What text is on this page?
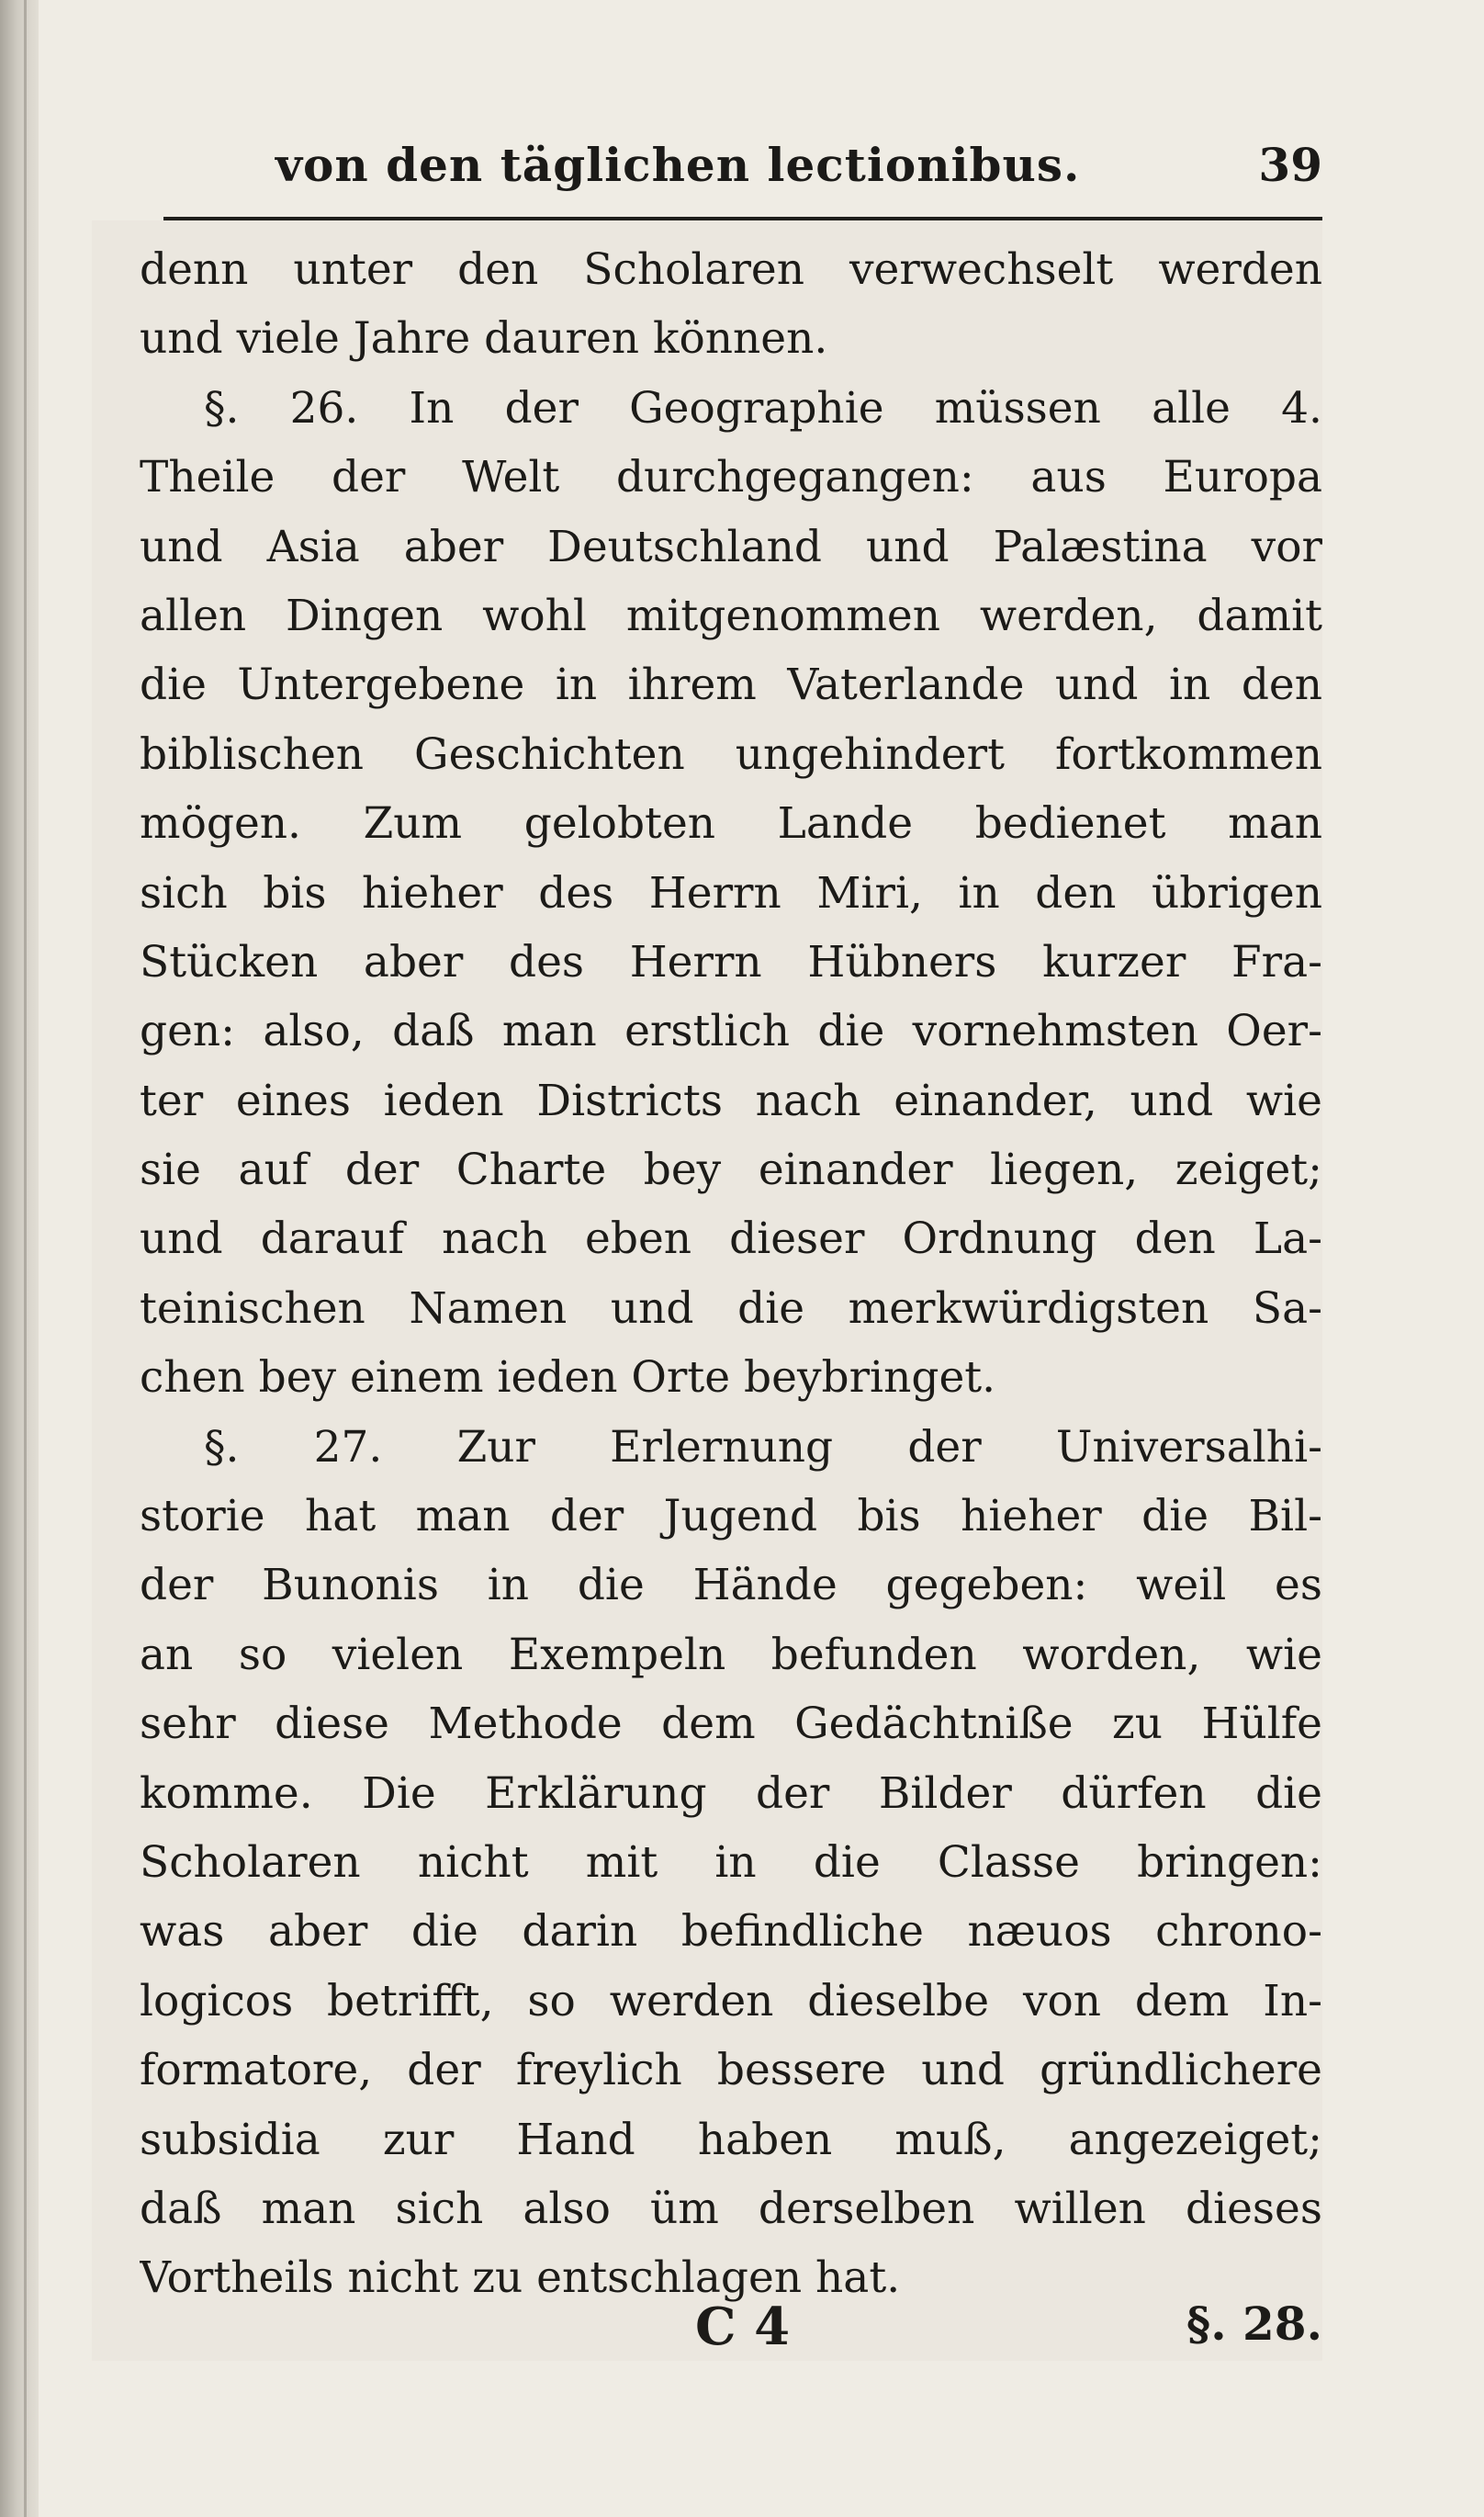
von den täglichen lectionibus.	39
denn unter den Scholaren verwechselt werden
und viele Jahre dauren können.
§. 26. In der Geographie müssen alle 4.
Theile der Welt durchgegangen: aus Europa
und Asia aber Deutschland und Palæstina vor
allen Dingen wohl mitgenommen werden, damit
die Untergebene in ihrem Vaterlande und in den
biblischen Geschichten ungehindert fortkommen
mögen. Zum gelobten Lande bedienet man
sich bis hieher des Herrn Miri, in den übrigen
Stücken aber des Herrn Hübners kurzer Fra-
gen: also, daß man erstlich die vornehmsten Oer-
ter eines ieden Districts nach einander, und wie
sie auf der Charte bey einander liegen, zeiget;
und darauf nach eben dieser Ordnung den La-
teinischen Namen und die merkwürdigsten Sa-
chen bey einem ieden Orte beybringet.
§. 27. Zur Erlernung der Universalhi-
storie hat man der Jugend bis hieher die Bil-
der Bunonis in die Hände gegeben: weil es
an so vielen Exempeln befunden worden, wie
sehr diese Methode dem Gedächtniße zu Hülfe
komme. Die Erklärung der Bilder dürfen die
Scholaren nicht mit in die Classe bringen:
was aber die darin befindliche næuos chrono-
logicos betrifft, so werden dieselbe von dem In-
formatore, der freylich bessere und gründlichere
subsidia zur Hand haben muß, angezeiget;
daß man sich also üm derselben willen dieses
Vortheils nicht zu entschlagen hat.
C 4	§. 28.
